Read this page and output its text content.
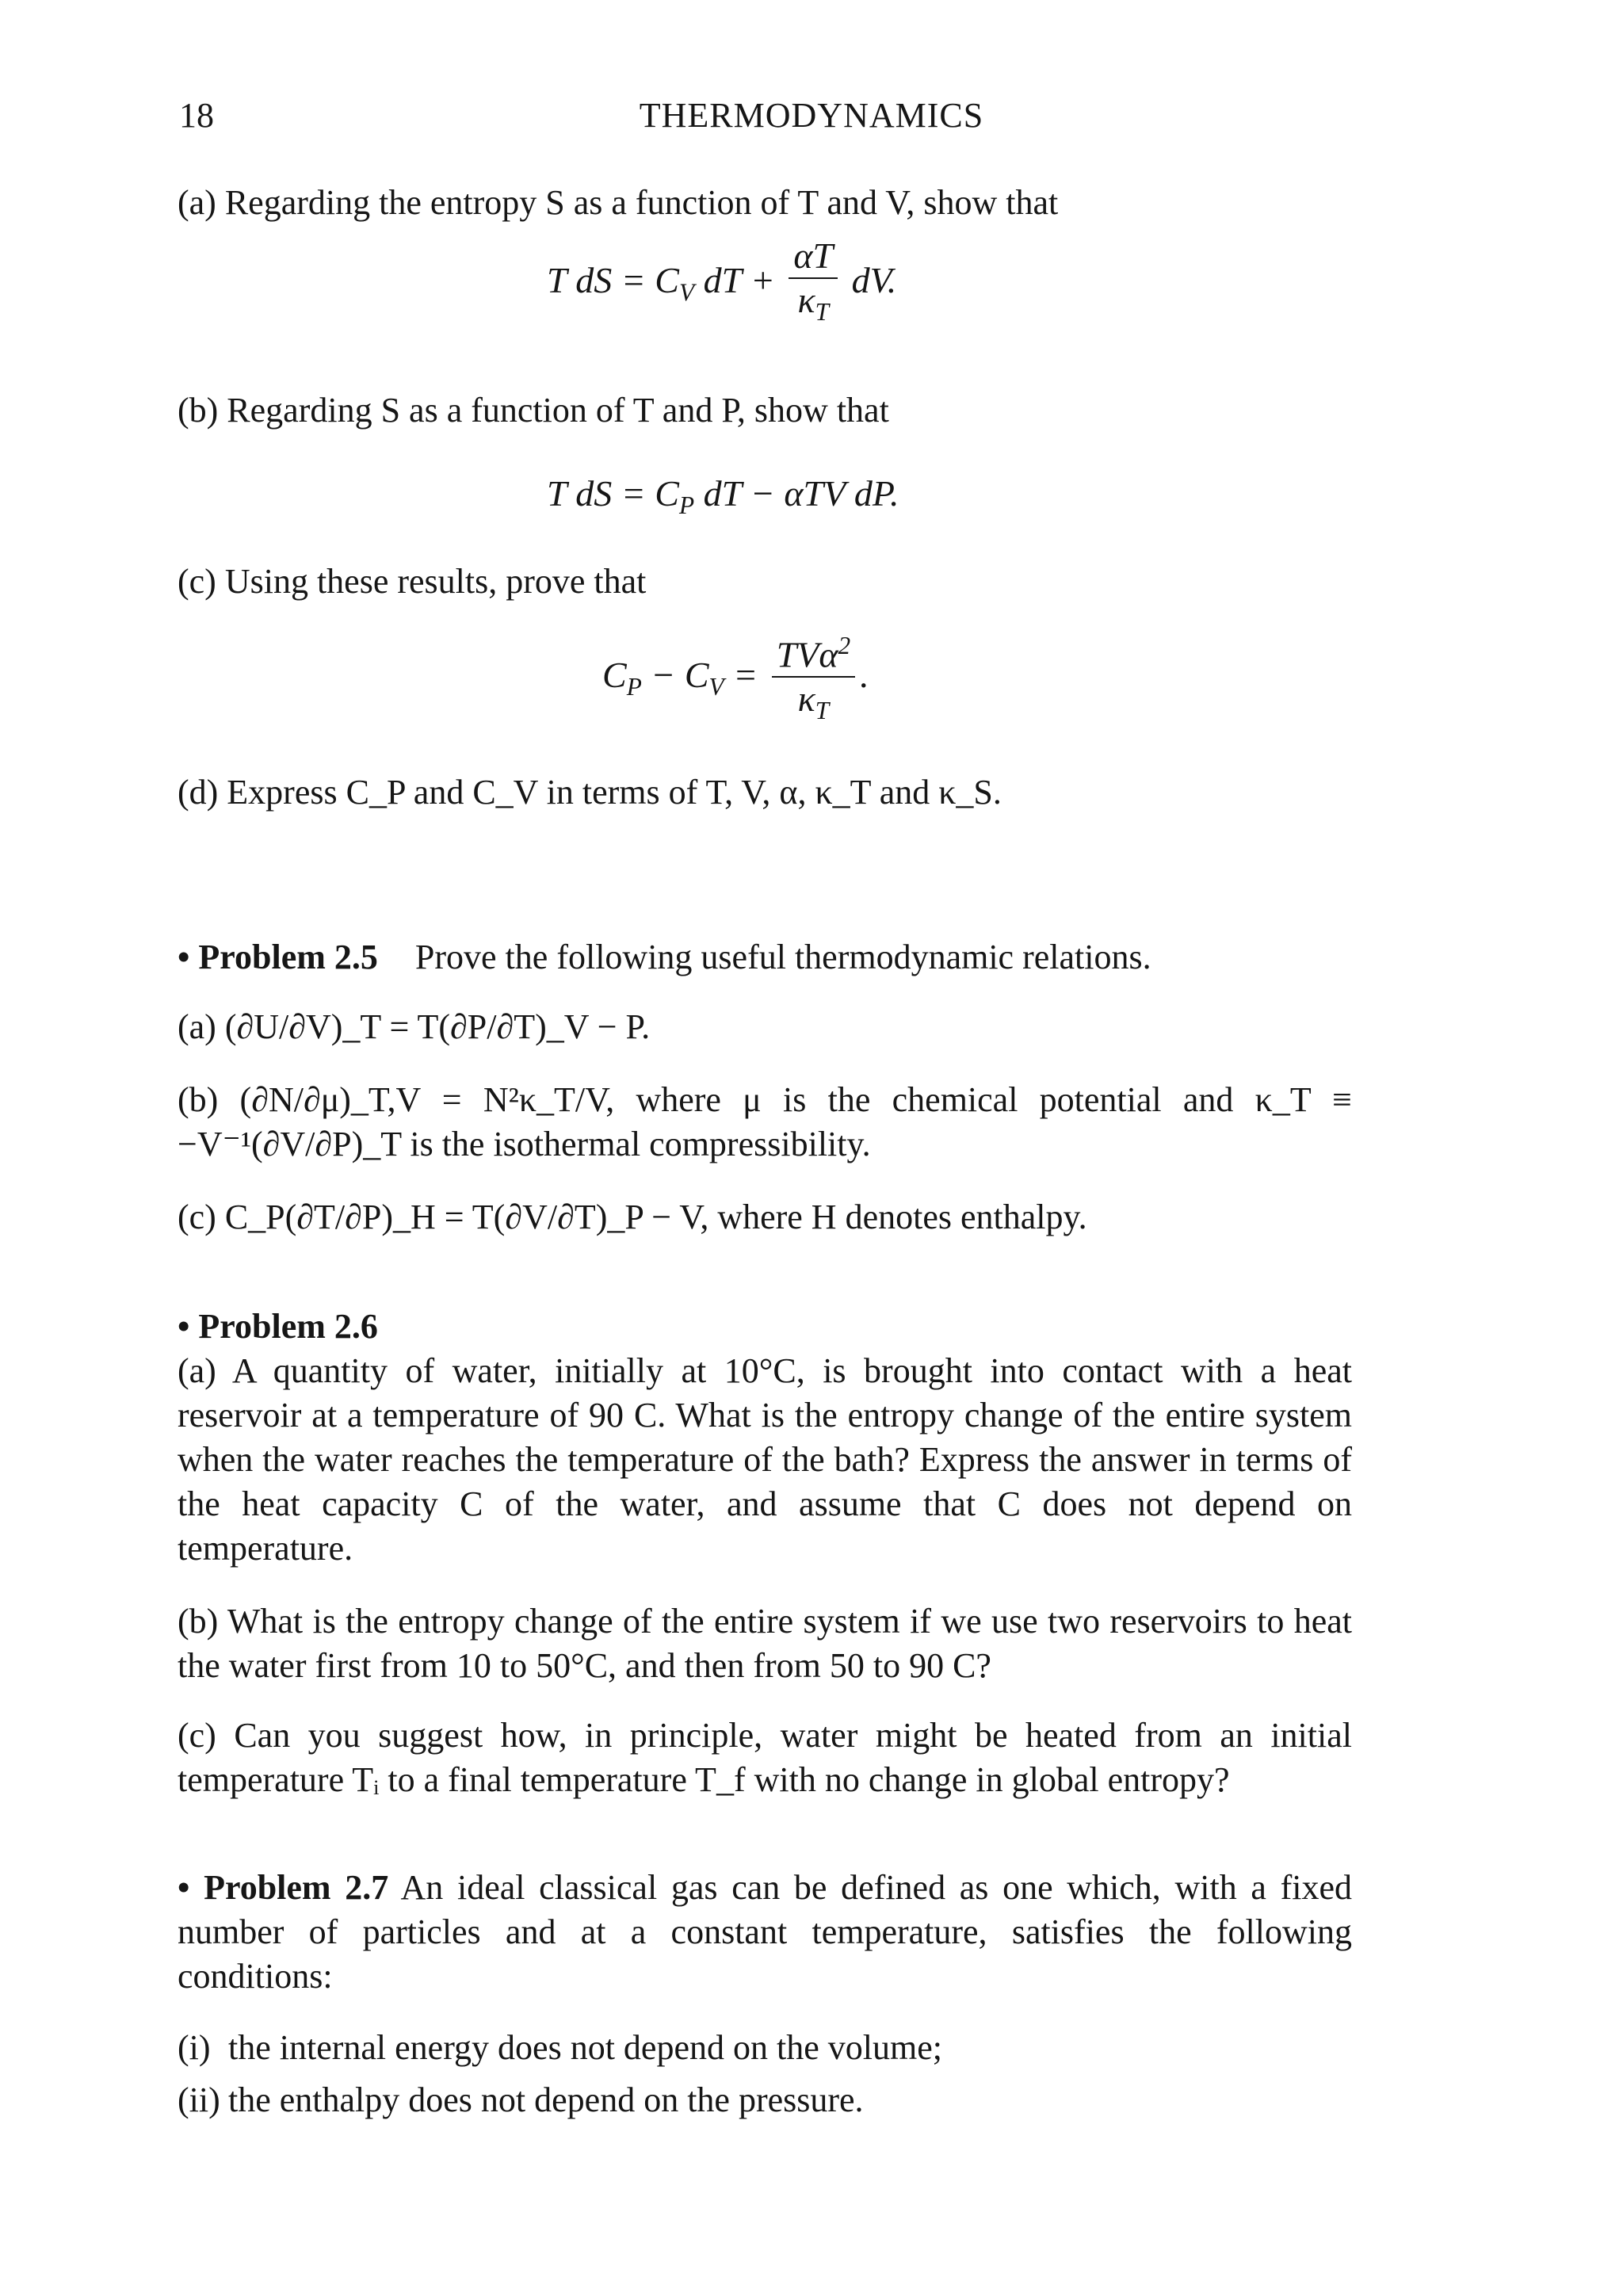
18	THERMODYNAMICS
(a) Regarding the entropy S as a function of T and V, show that
T dS = $C_V$ dT + $\frac{\alpha T}{\kappa_T}$ dV.
(b) Regarding S as a function of T and P, show that
T dS = $C_P$ dT − αTV dP.
(c) Using these results, prove that
$C_P - C_V = \frac{TV\alpha^2}{\kappa_T}$ .
(d) Express C_P and C_V in terms of T, V, α, κ_T and κ_S.
• Problem 2.5 Prove the following useful thermodynamic relations.
(a) (∂U/∂V)_T = T(∂P/∂T)_V − P.
(b) (∂N/∂μ)_T,V = N²κ_T/V, where μ is the chemical potential and κ_T ≡
−V⁻¹(∂V/∂P)_T is the isothermal compressibility.
(c) C_P(∂T/∂P)_H = T(∂V/∂T)_P − V, where H denotes enthalpy.
• Problem 2.6
(a) A quantity of water, initially at 10°C, is brought into contact with a heat reservoir at a temperature of 90 C. What is the entropy change of the entire system when the water reaches the temperature of the bath? Express the answer in terms of the heat capacity C of the water, and assume that C does not depend on temperature.
(b) What is the entropy change of the entire system if we use two reservoirs to heat the water first from 10 to 50°C, and then from 50 to 90 C?
(c) Can you suggest how, in principle, water might be heated from an initial temperature Tᵢ to a final temperature T_f with no change in global entropy?
• Problem 2.7 An ideal classical gas can be defined as one which, with a fixed number of particles and at a constant temperature, satisfies the following conditions:
(i) the internal energy does not depend on the volume;
(ii) the enthalpy does not depend on the pressure.
